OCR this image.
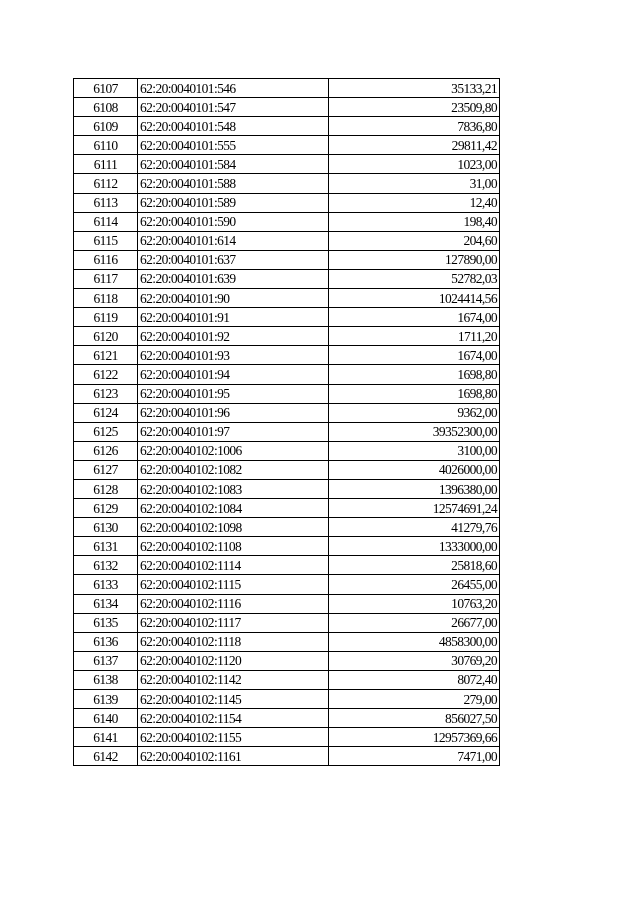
6107	62:20:0040101:546	35133,21
6108	62:20:0040101:547	23509,80
6109	62:20:0040101:548	7836,80
6110	62:20:0040101:555	29811,42
6111	62:20:0040101:584	1023,00
6112	62:20:0040101:588	31,00
6113	62:20:0040101:589	12,40
6114	62:20:0040101:590	198,40
6115	62:20:0040101:614	204,60
6116	62:20:0040101:637	127890,00
6117	62:20:0040101:639	52782,03
6118	62:20:0040101:90	1024414,56
6119	62:20:0040101:91	1674,00
6120	62:20:0040101:92	1711,20
6121	62:20:0040101:93	1674,00
6122	62:20:0040101:94	1698,80
6123	62:20:0040101:95	1698,80
6124	62:20:0040101:96	9362,00
6125	62:20:0040101:97	39352300,00
6126	62:20:0040102:1006	3100,00
6127	62:20:0040102:1082	4026000,00
6128	62:20:0040102:1083	1396380,00
6129	62:20:0040102:1084	12574691,24
6130	62:20:0040102:1098	41279,76
6131	62:20:0040102:1108	1333000,00
6132	62:20:0040102:1114	25818,60
6133	62:20:0040102:1115	26455,00
6134	62:20:0040102:1116	10763,20
6135	62:20:0040102:1117	26677,00
6136	62:20:0040102:1118	4858300,00
6137	62:20:0040102:1120	30769,20
6138	62:20:0040102:1142	8072,40
6139	62:20:0040102:1145	279,00
6140	62:20:0040102:1154	856027,50
6141	62:20:0040102:1155	12957369,66
6142	62:20:0040102:1161	7471,00
